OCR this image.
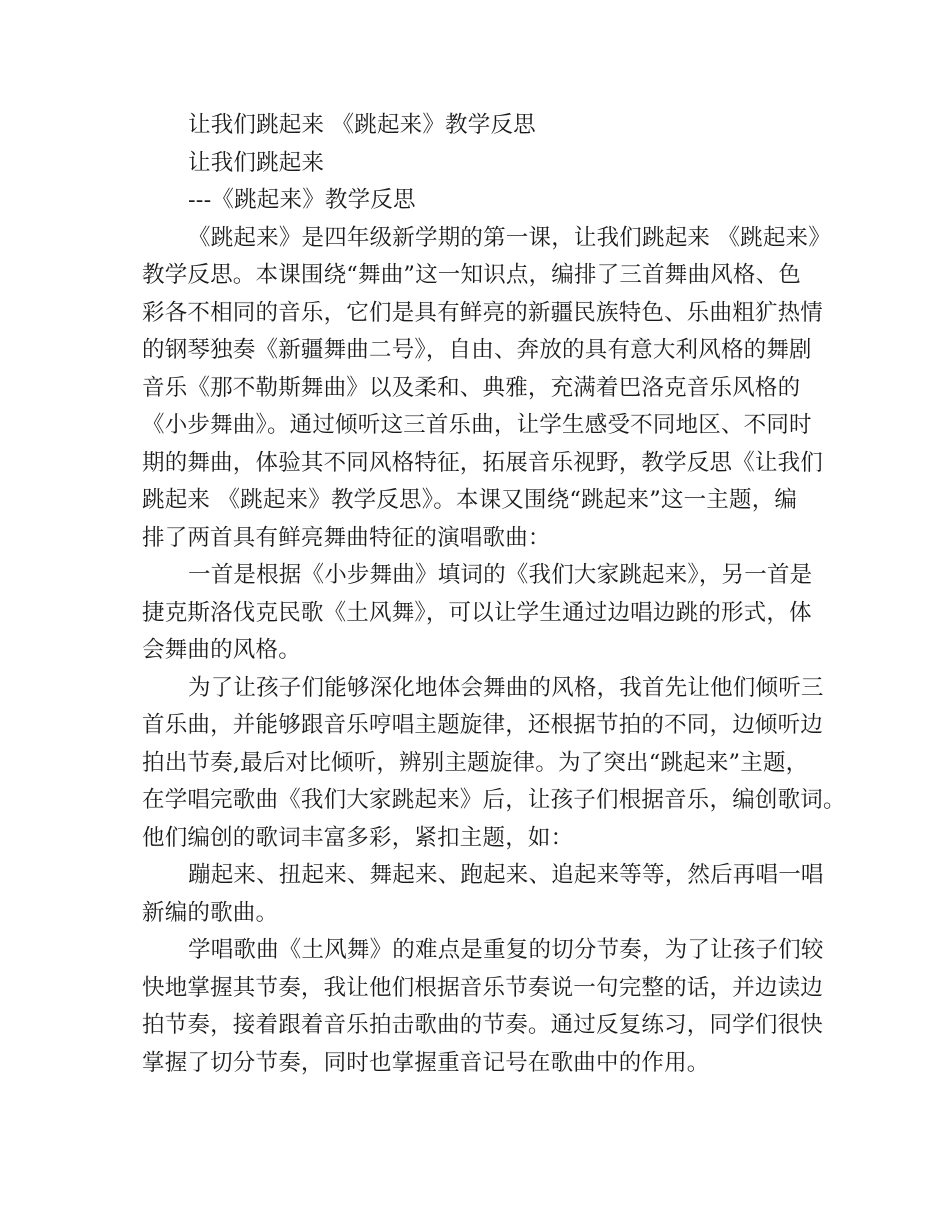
让我们跳起来 《跳起来》教学反思
让我们跳起来
---《跳起来》教学反思
《跳起来》是四年级新学期的第一课，让我们跳起来 《跳起来》
教学反思。本课围绕“舞曲”这一知识点，编排了三首舞曲风格、色
彩各不相同的音乐，它们是具有鲜亮的新疆民族特色、乐曲粗犷热情
的钢琴独奏《新疆舞曲二号》，自由、奔放的具有意大利风格的舞剧
音乐《那不勒斯舞曲》以及柔和、典雅，充满着巴洛克音乐风格的
《小步舞曲》。通过倾听这三首乐曲，让学生感受不同地区、不同时
期的舞曲，体验其不同风格特征，拓展音乐视野，教学反思《让我们
跳起来 《跳起来》教学反思》。本课又围绕“跳起来”这一主题，编
排了两首具有鲜亮舞曲特征的演唱歌曲：
一首是根据《小步舞曲》填词的《我们大家跳起来》，另一首是
捷克斯洛伐克民歌《土风舞》，可以让学生通过边唱边跳的形式，体
会舞曲的风格。
为了让孩子们能够深化地体会舞曲的风格，我首先让他们倾听三
首乐曲，并能够跟音乐哼唱主题旋律，还根据节拍的不同，边倾听边
拍出节奏,最后对比倾听，辨别主题旋律。为了突出“跳起来”主题，
在学唱完歌曲《我们大家跳起来》后，让孩子们根据音乐，编创歌词。
他们编创的歌词丰富多彩，紧扣主题，如：
蹦起来、扭起来、舞起来、跑起来、追起来等等，然后再唱一唱
新编的歌曲。
学唱歌曲《土风舞》的难点是重复的切分节奏，为了让孩子们较
快地掌握其节奏，我让他们根据音乐节奏说一句完整的话，并边读边
拍节奏，接着跟着音乐拍击歌曲的节奏。通过反复练习，同学们很快
掌握了切分节奏，同时也掌握重音记号在歌曲中的作用。
